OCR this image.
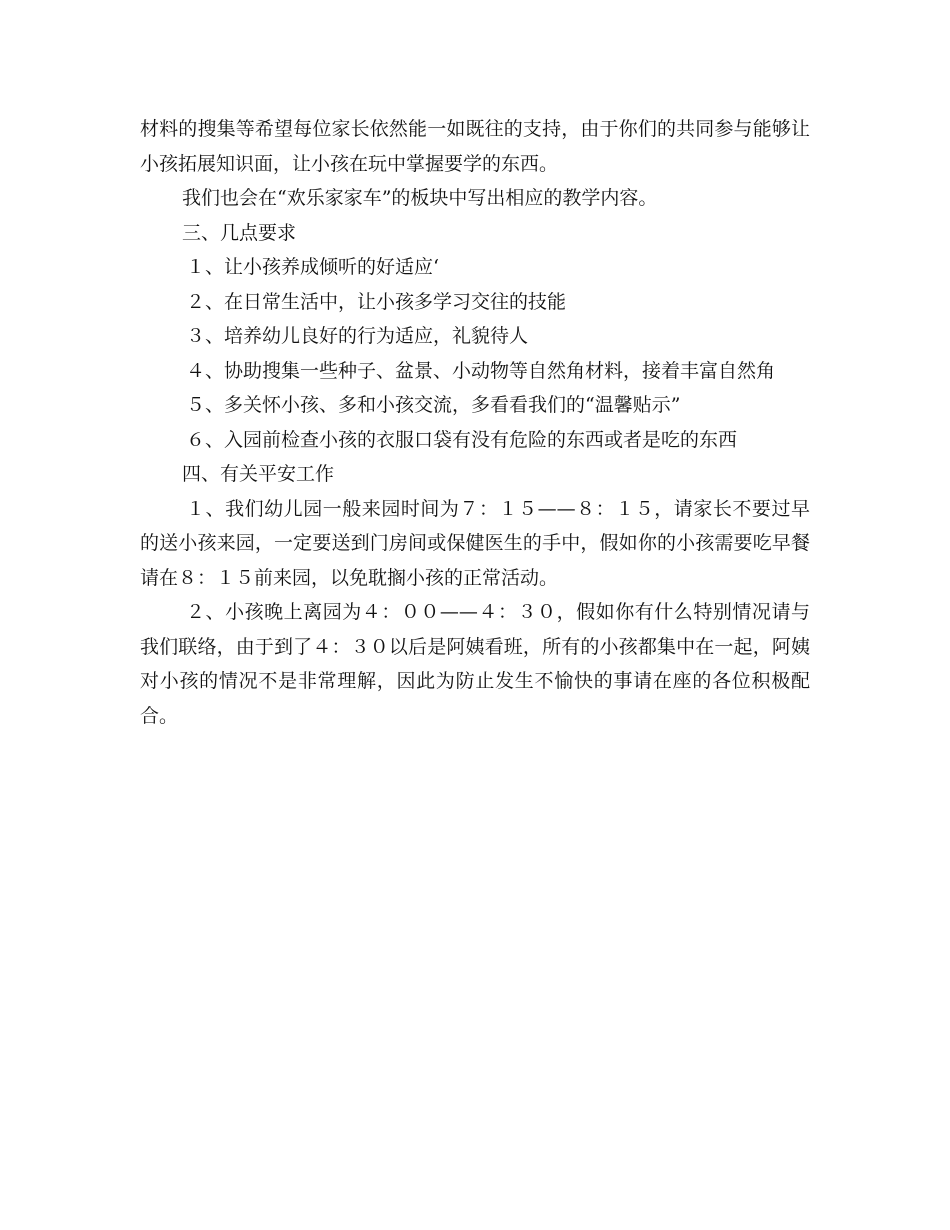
材料的搜集等希望每位家长依然能一如既往的支持，由于你们的共同参与能够让小孩拓展知识面，让小孩在玩中掌握要学的东西。

我们也会在“欢乐家家车”的板块中写出相应的教学内容。

三、几点要求

１、让小孩养成倾听的好适应‘

２、在日常生活中，让小孩多学习交往的技能

３、培养幼儿良好的行为适应，礼貌待人

４、协助搜集一些种子、盆景、小动物等自然角材料，接着丰富自然角

５、多关怀小孩、多和小孩交流，多看看我们的“温馨贴示”

６、入园前检查小孩的衣服口袋有没有危险的东西或者是吃的东西

四、有关平安工作

１、我们幼儿园一般来园时间为７：１５——８：１５，请家长不要过早的送小孩来园，一定要送到门房间或保健医生的手中，假如你的小孩需要吃早餐请在８：１５前来园，以免耽搁小孩的正常活动。

２、小孩晚上离园为４：００——４：３０，假如你有什么特别情况请与我们联络，由于到了４：３０以后是阿姨看班，所有的小孩都集中在一起，阿姨对小孩的情况不是非常理解，因此为防止发生不愉快的事请在座的各位积极配合。
